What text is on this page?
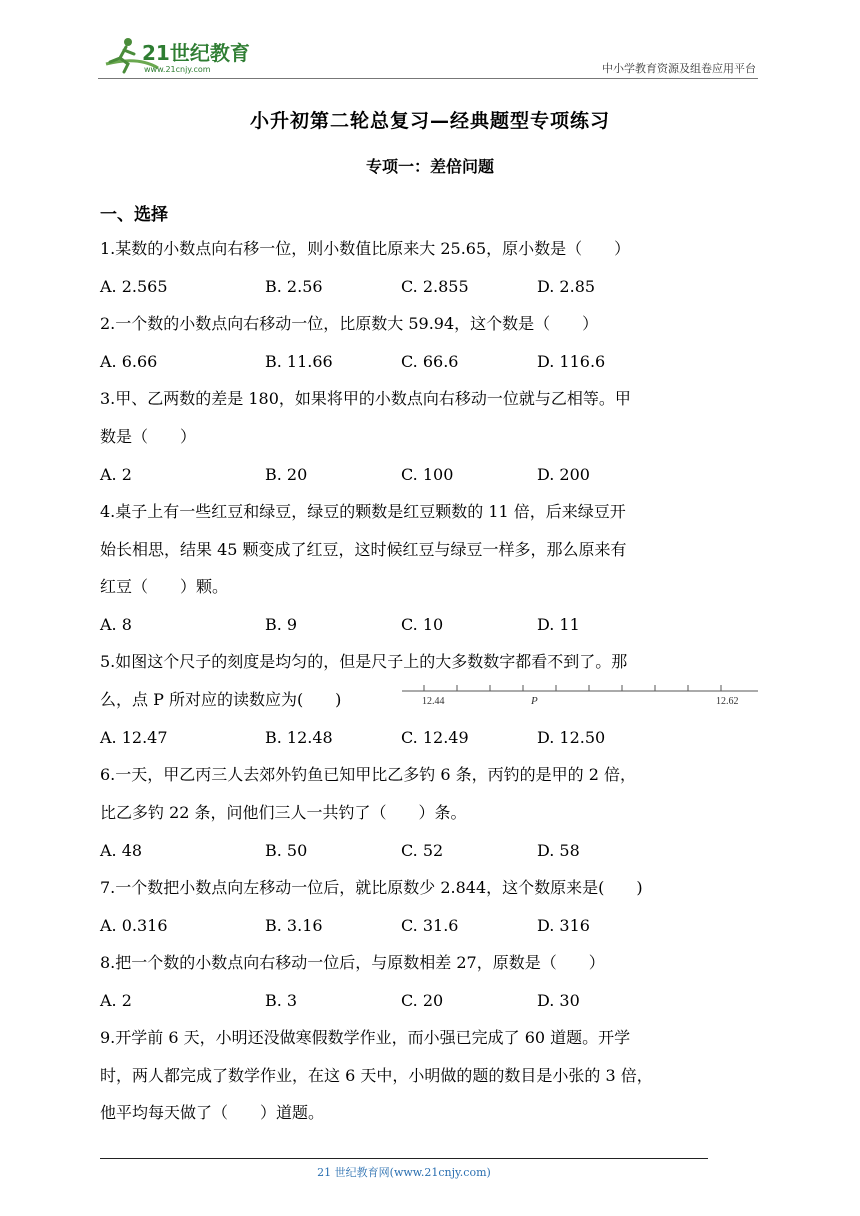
21世纪教育
www.21cnjy.com	中小学教育资源及组卷应用平台
小升初第二轮总复习—经典题型专项练习
专项一：差倍问题
一、选择
1.某数的小数点向右移一位，则小数值比原来大 25.65，原小数是（　　）
A. 2.565	B. 2.56	C. 2.855	D. 2.85
2.一个数的小数点向右移动一位，比原数大 59.94，这个数是（　　）
A. 6.66	B. 11.66	C. 66.6	D. 116.6
3.甲、乙两数的差是 180，如果将甲的小数点向右移动一位就与乙相等。甲
数是（　　）
A. 2	B. 20	C. 100	D. 200
4.桌子上有一些红豆和绿豆，绿豆的颗数是红豆颗数的 11 倍，后来绿豆开
始长相思，结果 45 颗变成了红豆，这时候红豆与绿豆一样多，那么原来有
红豆（　　）颗。
A. 8	B. 9	C. 10	D. 11
5.如图这个尺子的刻度是均匀的，但是尺子上的大多数数字都看不到了。那
么，点 P 所对应的读数应为(　　)	12.44	P	12.62
A. 12.47	B. 12.48	C. 12.49	D. 12.50
6.一天，甲乙丙三人去郊外钓鱼已知甲比乙多钓 6 条，丙钓的是甲的 2 倍，
比乙多钓 22 条，问他们三人一共钓了（　　）条。
A. 48	B. 50	C. 52	D. 58
7.一个数把小数点向左移动一位后，就比原数少 2.844，这个数原来是(　　)
A. 0.316	B. 3.16	C. 31.6	D. 316
8.把一个数的小数点向右移动一位后，与原数相差 27，原数是（　　）
A. 2	B. 3	C. 20	D. 30
9.开学前 6 天，小明还没做寒假数学作业，而小强已完成了 60 道题。开学
时，两人都完成了数学作业，在这 6 天中，小明做的题的数目是小张的 3 倍，
他平均每天做了（　　）道题。
21 世纪教育网(www.21cnjy.com)
